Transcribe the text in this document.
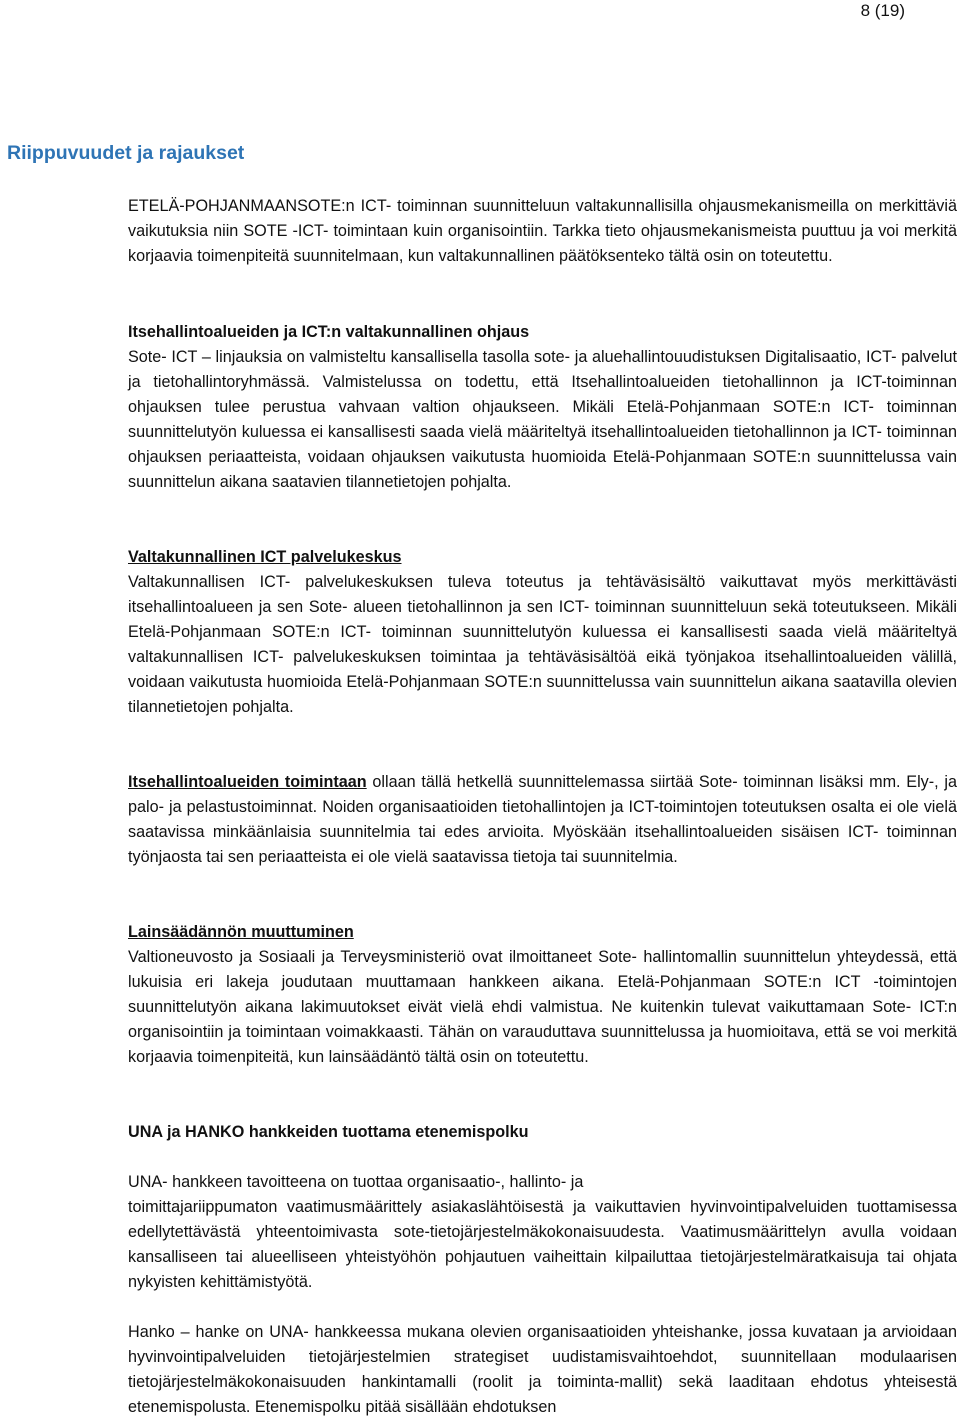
8 (19)
Riippuvuudet ja rajaukset

ETELÄ-POHJANMAANSOTE:n ICT- toiminnan suunnitteluun valtakunnallisilla ohjausmekanismeilla on merkittäviä vaikutuksia niin SOTE -ICT- toimintaan kuin organisointiin. Tarkka tieto ohjausmekanismeista puuttuu ja voi merkitä korjaavia toimenpiteitä suunnitelmaan, kun valtakunnallinen päätöksenteko tältä osin on toteutettu.

Itsehallintoalueiden ja ICT:n valtakunnallinen ohjaus

Sote- ICT – linjauksia on valmisteltu kansallisella tasolla sote- ja aluehallintouudistuksen Digitalisaatio, ICT- palvelut ja tietohallintoryhmässä. Valmistelussa on todettu, että Itsehallintoalueiden tietohallinnon ja ICT-toiminnan ohjauksen tulee perustua vahvaan valtion ohjaukseen. Mikäli Etelä-Pohjanmaan SOTE:n ICT- toiminnan suunnittelutyön kuluessa ei kansallisesti saada vielä määriteltyä itsehallintoalueiden tietohallinnon ja ICT- toiminnan ohjauksen periaatteista, voidaan ohjauksen vaikutusta huomioida Etelä-Pohjanmaan SOTE:n suunnittelussa vain suunnittelun aikana saatavien tilannetietojen pohjalta.

Valtakunnallinen ICT palvelukeskus

Valtakunnallisen ICT- palvelukeskuksen tuleva toteutus ja tehtäväsisältö vaikuttavat myös merkittävästi itsehallintoalueen ja sen Sote- alueen tietohallinnon ja sen ICT- toiminnan suunnitteluun sekä toteutukseen. Mikäli Etelä-Pohjanmaan SOTE:n ICT- toiminnan suunnittelutyön kuluessa ei kansallisesti saada vielä määriteltyä valtakunnallisen ICT- palvelukeskuksen toimintaa ja tehtäväsisältöä eikä työnjakoa itsehallintoalueiden välillä, voidaan vaikutusta huomioida Etelä-Pohjanmaan SOTE:n suunnittelussa vain suunnittelun aikana saatavilla olevien tilannetietojen pohjalta.

Itsehallintoalueiden toimintaan ollaan tällä hetkellä suunnittelemassa siirtää Sote- toiminnan lisäksi mm. Ely-, ja palo- ja pelastustoiminnat. Noiden organisaatioiden tietohallintojen ja ICT-toimintojen toteutuksen osalta ei ole vielä saatavissa minkäänlaisia suunnitelmia tai edes arvioita. Myöskään itsehallintoalueiden sisäisen ICT- toiminnan työnjaosta tai sen periaatteista ei ole vielä saatavissa tietoja tai suunnitelmia.

Lainsäädännön muuttuminen

Valtioneuvosto ja Sosiaali ja Terveysministeriö ovat ilmoittaneet Sote- hallintomallin suunnittelun yhteydessä, että lukuisia eri lakeja joudutaan muuttamaan hankkeen aikana. Etelä-Pohjanmaan SOTE:n ICT -toimintojen suunnittelutyön aikana lakimuutokset eivät vielä ehdi valmistua. Ne kuitenkin tulevat vaikuttamaan Sote- ICT:n organisointiin ja toimintaan voimakkaasti. Tähän on varauduttava suunnittelussa ja huomioitava, että se voi merkitä korjaavia toimenpiteitä, kun lainsäädäntö tältä osin on toteutettu.

UNA ja HANKO hankkeiden tuottama etenemispolku

UNA- hankkeen tavoitteena on tuottaa organisaatio-, hallinto- ja

toimittajariippumaton vaatimusmäärittely asiakaslähtöisestä ja vaikuttavien hyvinvointipalveluiden tuottamisessa edellytettävästä yhteentoimivasta sote-tietojärjestelmäkokonaisuudesta. Vaatimusmäärittelyn avulla voidaan kansalliseen tai alueelliseen yhteistyöhön pohjautuen vaiheittain kilpailuttaa tietojärjestelmäratkaisuja tai ohjata nykyisten kehittämistyötä.

Hanko – hanke on UNA- hankkeessa mukana olevien organisaatioiden yhteishanke, jossa kuvataan ja arvioidaan hyvinvointipalveluiden tietojärjestelmien strategiset uudistamisvaihtoehdot, suunnitellaan modulaarisen tietojärjestelmäkokonaisuuden hankintamalli (roolit ja toiminta-mallit) sekä laaditaan ehdotus yhteisestä etenemispolusta. Etenemispolku pitää sisällään ehdotuksen
